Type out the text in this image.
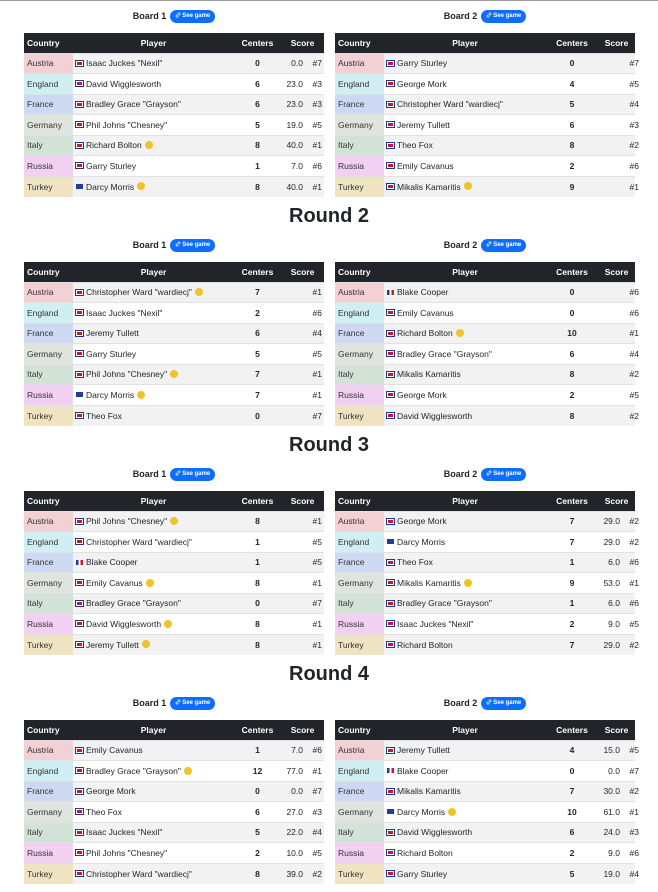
Board 1	See game
Country	Player	Centers	Score
Austria	Isaac Juckes "Nexil"	0	0.0 #7
England	David Wigglesworth	6	23.0 #3
France	Bradley Grace "Grayson"	6	23.0 #3
Germany	Phil Johns "Chesney"	5	19.0 #5
Italy	Richard Bolton	8	40.0 #1
Russia	Garry Sturley	1	7.0 #6
Turkey	Darcy Morris	8	40.0 #1
Board 2	See game
Country	Player	Centers	Score
Austria	Garry Sturley	0	#7
England	George Mork	4	#5
France	Christopher Ward "wardiecj"	5	#4
Germany	Jeremy Tullett	6	#3
Italy	Theo Fox	8	#2
Russia	Emily Cavanus	2	#6
Turkey	Mikalis Kamaritis	9	#1
Round 2
Board 1	See game
Country	Player	Centers	Score
Austria	Christopher Ward "wardiecj"	7	#1
England	Isaac Juckes "Nexil"	2	#6
France	Jeremy Tullett	6	#4
Germany	Garry Sturley	5	#5
Italy	Phil Johns "Chesney"	7	#1
Russia	Darcy Morris	7	#1
Turkey	Theo Fox	0	#7
Board 2	See game
Country	Player	Centers	Score
Austria	Blake Cooper	0	#6
England	Emily Cavanus	0	#6
France	Richard Bolton	10	#1
Germany	Bradley Grace "Grayson"	6	#4
Italy	Mikalis Kamaritis	8	#2
Russia	George Mork	2	#5
Turkey	David Wigglesworth	8	#2
Round 3
Board 1	See game
Country	Player	Centers	Score
Austria	Phil Johns "Chesney"	8	#1
England	Christopher Ward "wardiecj"	1	#5
France	Blake Cooper	1	#5
Germany	Emily Cavanus	8	#1
Italy	Bradley Grace "Grayson"	0	#7
Russia	David Wigglesworth	8	#1
Turkey	Jeremy Tullett	8	#1
Board 2	See game
Country	Player	Centers	Score
Austria	George Mork	7	29.0 #2
England	Darcy Morris	7	29.0 #2
France	Theo Fox	1	6.0 #6
Germany	Mikalis Kamaritis	9	53.0 #1
Italy	Bradley Grace "Grayson"	1	6.0 #6
Russia	Isaac Juckes "Nexil"	2	9.0 #5
Turkey	Richard Bolton	7	29.0 #2
Round 4
Board 1	See game
Country	Player	Centers	Score
Austria	Emily Cavanus	1	7.0 #6
England	Bradley Grace "Grayson"	12	77.0 #1
France	George Mork	0	0.0 #7
Germany	Theo Fox	6	27.0 #3
Italy	Isaac Juckes "Nexil"	5	22.0 #4
Russia	Phil Johns "Chesney"	2	10.0 #5
Turkey	Christopher Ward "wardiecj"	8	39.0 #2
Board 2	See game
Country	Player	Centers	Score
Austria	Jeremy Tullett	4	15.0 #5
England	Blake Cooper	0	0.0 #7
France	Mikalis Kamaritis	7	30.0 #2
Germany	Darcy Morris	10	61.0 #1
Italy	David Wigglesworth	6	24.0 #3
Russia	Richard Bolton	2	9.0 #6
Turkey	Garry Sturley	5	19.0 #4
